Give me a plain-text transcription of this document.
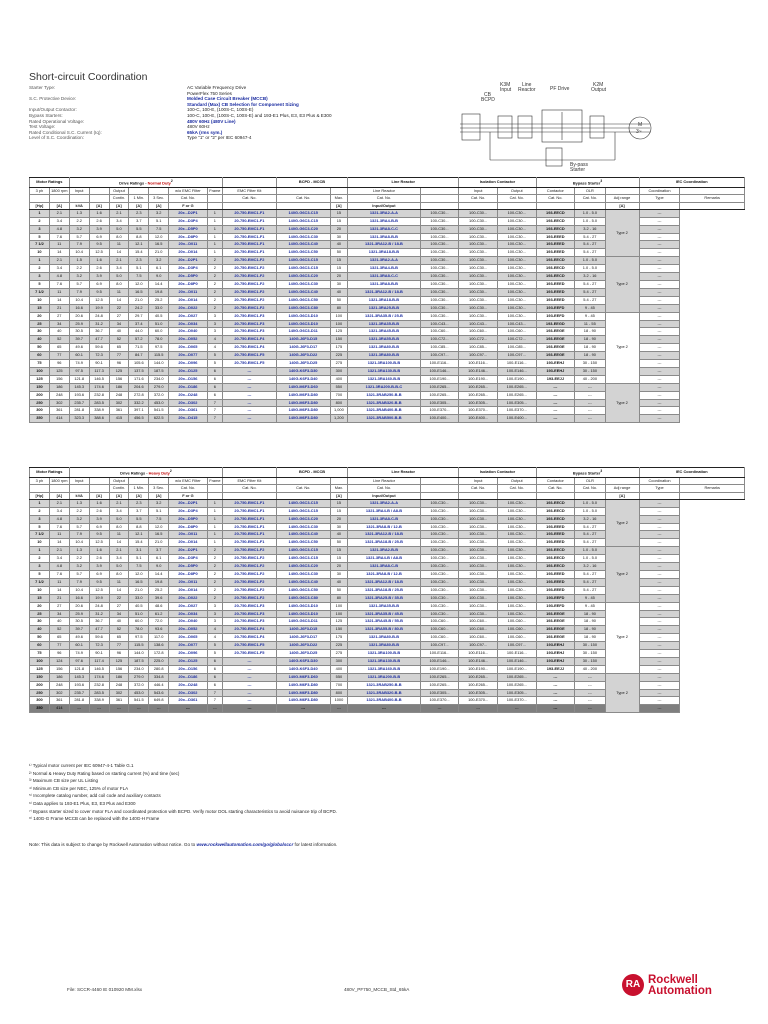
Short-circuit Coordination
Starter Type:	AC Variable Frequency Drive
PowerFlex 750 Series
S.C. Protective Device:	Molded Case Circuit Breaker (MCCB)
Standard (Max) CB Selection for Component Sizing
Input/Output Contactor:	100-C, 100-E, (100S-C, 100S-E)
Bypass Starters:	100-C, 100-E, (100S-C, 100S-E) and 193-E1 Plus, E3, E3 Plus & E300
Rated Operational Voltage:	480V 60Hz (480V Line)
Test Voltage:	480V 60Hz
Rated Conditional S.C. Current (Iq):	65kA (rms sym.)
Level of S.C. Coordination:	Type "1" or "2" per IEC 60947-4
CB
BCPD
K3M
Input
Line
Reactor	PF Drive
K2M
Output
M
3~
By-pass
Starter
Motor Ratings		Drive Ratings - Normal Duty$^2$								BCPD - MCCB		Line Reactor		Isolation Contactor		Bypass Starter$^3$			IEC Coordination	
3 ph	1800 rpm	Input		Output			w/o EMC Filter	Frame	EMC Filter Kit			Line Reactor		Input	Output	Contactor	OLR		Coordination	
				Contin.	1 Min.	3 Sec.	Cat. No.		Cat. No.	Cat. No.	Max.	Cat. No.		Cat. No.	Cat. No.	Cat. No.	Cat. No.	Adj range	Type	Remarks
[Hp]	[A]	kVA	[A]	[A]	[A]	[A]	F or G				[A]	Input/Output						[A]		
1	2.1	1.3	1.6	2.1	2.3	3.2	20x...D2P1	1	20-750-EMC1-F1	140G-G6C3-C15	15	1321-3RA2-A-A	100-C30...	100-C30...	100-C30...	193-EECD	1.0 - 5.0	Type 2	---	
2	3.4	2.2	2.6	3.4	3.7	5.1	20x...D3P4	1	20-750-EMC1-F1	140G-G6C3-C15	15	1321-3RA4-B-B	100-C30...	100-C30...	100-C30...	193-EECD	1.0 - 5.0		---	
3	4.8	3.2	3.9	5.0	5.5	7.5	20x...D5P0	1	20-750-EMC1-F1	140G-G6C3-C20	20	1321-3RA8-C-C	100-C30...	100-C30...	100-C30...	193-EECD	3.2 - 16		---	
5	7.6	5.7	6.9	8.0	8.8	12.0	20x...D8P0	1	20-750-EMC1-F1	140G-G6C3-C30	30	1321-3RA8-B-B	100-C30...	100-C30...	100-C30...	193-EEED	5.4 - 27		---	
7 1/2	11	7.9	9.5	11	12.1	16.5	20x...D011	1	20-750-EMC1-F1	140G-G6C3-C40	40	1321-3RA12-B / 18-B	100-C30...	100-C30...	100-C30...	193-EEED	5.4 - 27		---	
10	14	10.4	12.5	14	15.4	21.0	20x...D014	1	20-750-EMC1-F1	140G-G6C3-C50	50	1321-3RA18-B-B	100-C30...	100-C30...	100-C30...	193-EEED	5.4 - 27		---	
1	2.1	1.5	1.6	2.1	2.3	3.2	20x...D2P1	2	20-750-EMC1-F2	140G-G6C3-C15	15	1321-3RA2-A-A	100-C30...	100-C30...	100-C30...	193-EECD	1.0 - 5.0	Type 2	---	
2	3.4	2.2	2.6	3.4	5.1	6.1	20x...D3P4	2	20-750-EMC1-F2	140G-G6C3-C15	15	1321-3RA4-B-B	100-C30...	100-C30...	100-C30...	193-EECD	1.0 - 5.0		---	
3	4.8	3.2	3.9	5.0	7.5	9.0	20x...D5P0	2	20-750-EMC1-F2	140G-G6C3-C20	20	1321-3RA8-C-C	100-C30...	100-C30...	100-C30...	193-EECD	3.2 - 16		---	
5	7.6	5.7	6.9	8.0	12.0	14.4	20x...D8P0	2	20-750-EMC1-F2	140G-G6C3-C30	30	1321-3RA8-B-B	100-C30...	100-C30...	100-C30...	193-EEED	5.4 - 27		---	
7 1/2	11	7.9	9.5	11	16.5	19.8	20x...D011	2	20-750-EMC1-F2	140G-G6C3-C40	40	1321-3RA12-B / 18-B	100-C30...	100-C30...	100-C30...	193-EEED	5.4 - 27		---	
10	14	10.4	12.5	14	21.0	25.2	20x...D014	2	20-750-EMC1-F2	140G-G6C3-C50	50	1321-3RA18-B-B	100-C30...	100-C30...	100-C30...	193-EEED	5.4 - 27		---	
15	21	16.6	19.9	22	24.2	33.0	20x...D022	2	20-750-EMC1-F2	140G-G6C3-C80	80	1321-3RA25-B-B	100-C30...	100-C30...	100-C30...	193-EEFD	9 - 45		---	
20	27	20.6	24.8	27	29.7	40.5	20x...D027	3	20-750-EMC1-F3	140G-G6C3-D10	100	1321-3RA35-B / 25-B	100-C30...	100-C30...	100-C30...	193-EEFD	9 - 45	Type 2	---	
25	34	25.9	31.2	34	37.4	51.0	20x...D034	3	20-750-EMC1-F3	140G-G6C3-D10	100	1321-3RA35-B-B	100-C43...	100-C43...	100-C43...	193-EEGD	11 - 55		---	
30	40	30.5	36.7	40	44.0	60.0	20x...D040	3	20-750-EMC1-F3	140G-G6C3-D11	125	1321-3RA45-B-B	100-C60...	100-C60...	100-C60...	193-EEGE	18 - 90		---	
40	52	39.7	47.7	52	57.2	78.0	20x...D052	4	20-750-EMC1-F4	140G-J6F3-D15	150	1321-3RA55-B-B	100-C72...	100-C72...	100-C72...	193-EEGE	18 - 90		---	
50	65	49.6	59.6	65	71.5	97.5	20x...D065	4	20-750-EMC1-F4	140G-J6F3-D17	175	1321-3RA80-B-B	100-C85...	100-C85...	100-C85...	193-EEGE	18 - 90		---	
60	77	60.1	72.3	77	84.7	115.5	20x...D077	5	20-750-EMC1-F5	140G-J6F3-D22	225	1321-3RA80-B-B	100-C97...	100-C97...	100-C97...	193-EEGE	18 - 90		---	
75	96	74.9	90.1	96	105.6	144.0	20x...D096	5	20-750-EMC1-F5	140G-J6F3-D25	275	1321-3RA100-B-B	100-E116...	100-E116...	100-E116...	193-EEHJ	30 - 150		---	
100	125	97.5	117.3	125	137.5	187.5	20x...D125	6	---	140G-K6F3-D30	300	1321-3RA130-B-B	100-E146...	100-E146...	100-E146...	193-EEHJ	30 - 150		---	
125	156	121.8	146.5	156	171.6	234.0	20x...D156	6	---	140G-K6F3-D40	400	1321-3RA160-B-B	100-E190...	100-E190...	100-E190...	193-EEJJ	40 - 200		---	
150	186	145.3	174.6	186	204.6	279.0	20x...D186	6	---	140G-M6F3-D60	550	1321-3RA200-B-B-C	100-E265...	100-E265...	100-E265...	---	---	Type 2	---	
200	248	193.6	232.8	248	272.8	372.0	20x...D248	6	---	140G-M6F3-D80	700	1321-3RAB250-B-B	100-E265...	100-E265...	100-E265...	---	---		---	
250	302	235.7	283.5	302	332.2	453.0	20x...D302	7	---	140G-M6F3-D80	800	1321-3RAB320-B-B	100-E305...	100-E305...	100-E305...	---	---		---	
300	361	281.8	338.9	361	397.1	541.5	20x...D361	7	---	140G-M6F3-D80	1,000	1321-3RAB400-B-B	100-E370...	100-E370...	100-E370...	---	---		---	
350	414	323.3	388.6	415	456.5	622.5	20x...D415	7	---	140G-M6F3-D80	1,200	1321-3RAB500-B-B	100-E400...	100-E400...	100-E400...	---	---		---	
Motor Ratings		Drive Ratings - Heavy Duty$^2$								BCPD - MCCB		Line Reactor		Isolation Contactor		Bypass Starter$^3$			IEC Coordination	
3 ph	1800 rpm	Input		Output			w/o EMC Filter	Frame	EMC Filter Kit			Line Reactor		Input	Output	Contactor	OLR		Coordination	
				Contin.	1 Min.	3 Sec.	Cat. No.		Cat. No.	Cat. No.	Max.	Cat. No.		Cat. No.	Cat. No.	Cat. No.	Cat. No.	Adj range	Type	Remarks
[Hp]	[A]	kVA	[A]	[A]	[A]	[A]	F or G				[A]	Input/Output						[A]		
1	2.1	1.3	1.6	2.1	2.3	3.2	20x...D2P1	1	20-750-EMC1-F1	140G-G6C3-C15	15	1321-3RA2-A-A	100-C30...	100-C30...	100-C30...	193-EECD	1.0 - 5.0	Type 2	---	
2	3.4	2.2	2.6	3.4	3.7	5.1	20x...D3P4	1	20-750-EMC1-F1	140G-G6C3-C15	15	1321-3RA4-B / A8-B	100-C30...	100-C30...	100-C30...	193-EECD	1.0 - 5.0		---	
3	4.8	3.2	3.9	5.0	5.5	7.5	20x...D5P0	1	20-750-EMC1-F1	140G-G6C3-C20	20	1321-3RA8-C-B	100-C30...	100-C30...	100-C30...	193-EECD	3.2 - 16		---	
5	7.6	5.7	6.9	8.0	8.8	12.0	20x...D8P0	1	20-750-EMC1-F1	140G-G6C3-C30	30	1321-3RA8-B / 12-B	100-C30...	100-C30...	100-C30...	193-EEED	5.4 - 27		---	
7 1/2	11	7.9	9.5	11	12.1	16.5	20x...D011	1	20-750-EMC1-F1	140G-G6C3-C40	40	1321-3RA12-B / 18-B	100-C30...	100-C30...	100-C30...	193-EEED	5.4 - 27		---	
10	14	10.4	12.5	14	15.4	21.0	20x...D014	1	20-750-EMC1-F1	140G-G6C3-C50	50	1321-3RA18-B / 25-B	100-C30...	100-C30...	100-C30...	193-EEED	5.4 - 27		---	
1	2.1	1.3	1.6	2.1	3.1	3.7	20x...D2P1	2	20-750-EMC1-F2	140G-G6C3-C15	15	1321-3RA2-B-B	100-C30...	100-C30...	100-C30...	193-EECD	1.0 - 5.0	Type 2	---	
2	3.4	2.2	2.6	3.4	5.1	6.1	20x...D3P4	2	20-750-EMC1-F2	140G-G6C3-C15	15	1321-3RA4-B / A8-B	100-C30...	100-C30...	100-C30...	193-EECD	1.0 - 5.0		---	
3	4.8	3.2	3.9	5.0	7.5	9.0	20x...D5P0	2	20-750-EMC1-F2	140G-G6C3-C20	20	1321-3RA8-C-B	100-C30...	100-C30...	100-C30...	193-EECD	3.2 - 16		---	
5	7.6	5.7	6.9	8.0	12.0	14.4	20x...D8P0	2	20-750-EMC1-F2	140G-G6C3-C30	30	1321-3RA8-B / 12-B	100-C30...	100-C30...	100-C30...	193-EEED	5.4 - 27		---	
7 1/2	11	7.9	9.5	11	16.5	19.8	20x...D011	2	20-750-EMC1-F2	140G-G6C3-C40	40	1321-3RA12-B / 18-B	100-C30...	100-C30...	100-C30...	193-EEED	5.4 - 27		---	
10	14	10.4	12.5	14	21.0	25.2	20x...D014	2	20-750-EMC1-F2	140G-G6C3-C50	50	1321-3RA18-B / 25-B	100-C30...	100-C30...	100-C30...	193-EEED	5.4 - 27		---	
15	21	16.6	19.9	22	33.0	39.6	20x...D022	2	20-750-EMC1-F2	140G-G6C3-C80	80	1321-3RA25-B / 35-B	100-C30...	100-C30...	100-C30...	193-EEFD	9 - 45		---	
20	27	20.6	24.8	27	40.5	48.6	20x...D027	3	20-750-EMC1-F3	140G-G6C3-D10	100	1321-3RA35-B-B	100-C30...	100-C30...	100-C30...	193-EEFD	9 - 45	Type 2	---	
25	34	25.9	31.2	34	51.0	61.2	20x...D034	3	20-750-EMC1-F3	140G-G6C3-D10	100	1321-3RA35-B / 45-B	100-C30...	100-C30...	100-C30...	193-EEGE	18 - 90		---	
30	40	30.5	36.7	40	60.0	72.0	20x...D040	3	20-750-EMC1-F3	140G-G6C3-D11	125	1321-3RA45-B / 55-B	100-C60...	100-C60...	100-C60...	193-EEGE	18 - 90		---	
40	52	39.7	47.7	52	78.0	93.6	20x...D052	4	20-750-EMC1-F4	140G-J6F3-D15	150	1321-3RA55-B / 80-B	100-C60...	100-C60...	100-C60...	193-EEGE	18 - 90		---	
50	65	49.6	59.6	65	97.5	117.0	20x...D065	4	20-750-EMC1-F4	140G-J6F3-D17	175	1321-3RA80-B-B	100-C60...	100-C60...	100-C60...	193-EEGE	18 - 90		---	
60	77	60.1	72.3	77	115.5	138.6	20x...D077	5	20-750-EMC1-F5	140G-J6F3-D22	225	1321-3RA80-B-B	100-C97...	100-C97...	100-C97...	193-EEHJ	30 - 150		---	
75	96	74.9	90.1	96	144.0	172.8	20x...D096	5	20-750-EMC1-F5	140G-J6F3-D25	275	1321-3RA100-B-B	100-E116...	100-E116...	100-E116...	193-EEHJ	30 - 150		---	
100	124	97.6	117.4	125	187.5	225.0	20x...D125	6	---	140G-K6F3-D30	300	1321-3RA130-B-B	100-E146...	100-E146...	100-E146...	193-EEHJ	30 - 150		---	
125	156	121.8	146.5	156	234.0	280.8	20x...D156	6	---	140G-K6F3-D40	400	1321-3RA160-B-B	100-E190...	100-E190...	100-E190...	193-EEJJ	40 - 200		---	
150	186	145.3	174.6	186	279.0	334.8	20x...D186	6	---	140G-M6F3-D60	550	1321-3RA200-B-B	100-E265...	100-E265...	100-E265...	---	---	Type 2	---	
200	248	193.6	232.8	248	372.0	446.4	20x...D248	6	---	140G-M6F3-D80	700	1321-3RAB250-B-B	100-E265...	100-E265...	100-E265...	---	---		---	
250	302	235.7	283.5	302	453.0	543.6	20x...D302	7	---	140G-M6F3-D80	800	1321-3RAB320-B-B	100-E305...	100-E305...	100-E305...	---	---		---	
300	361	281.8	338.9	361	541.5	649.8	20x...D361	7	---	140G-M6F3-D80	1000	1321-3RAB400-B-B	100-E370...	100-E370...	100-E370...	---	---		---	
350	414	---	---	---	---	---	---	---	---	---	---	---	---	---	---	---	---		---	
¹⁾ Typical motor current per IEC 60947-4-1 Table G.1
²⁾ Normal & Heavy Duty Rating based on starting current (%) and time (sec)
³⁾ Maximum CB size per UL Listing
⁴⁾ Minimum CB size per NEC, 125% of motor FLA
⁵⁾ Incomplete catalog number, add coil code and auxiliary contacts
⁶⁾ Data applies to 193-E1 Plus, E3, E3 Plus and E300
⁷⁾ Bypass starter sized to cover motor FLA and coordinated protection with BCPD. Verify motor DOL starting characteristics to avoid nuisance trip of BCPD.
⁸⁾ 140G-G Frame MCCB can be replaced with the 140G-H Frame
Note: This data is subject to change by Rockwell Automation without notice. Go to www.rockwellautomation.com/go/globalsccr for latest information.
File: SCCR-4460 IE 010920 MM.xlsx	480V_PF750_MCCB_Std_65kA	RA Rockwell
Automation
